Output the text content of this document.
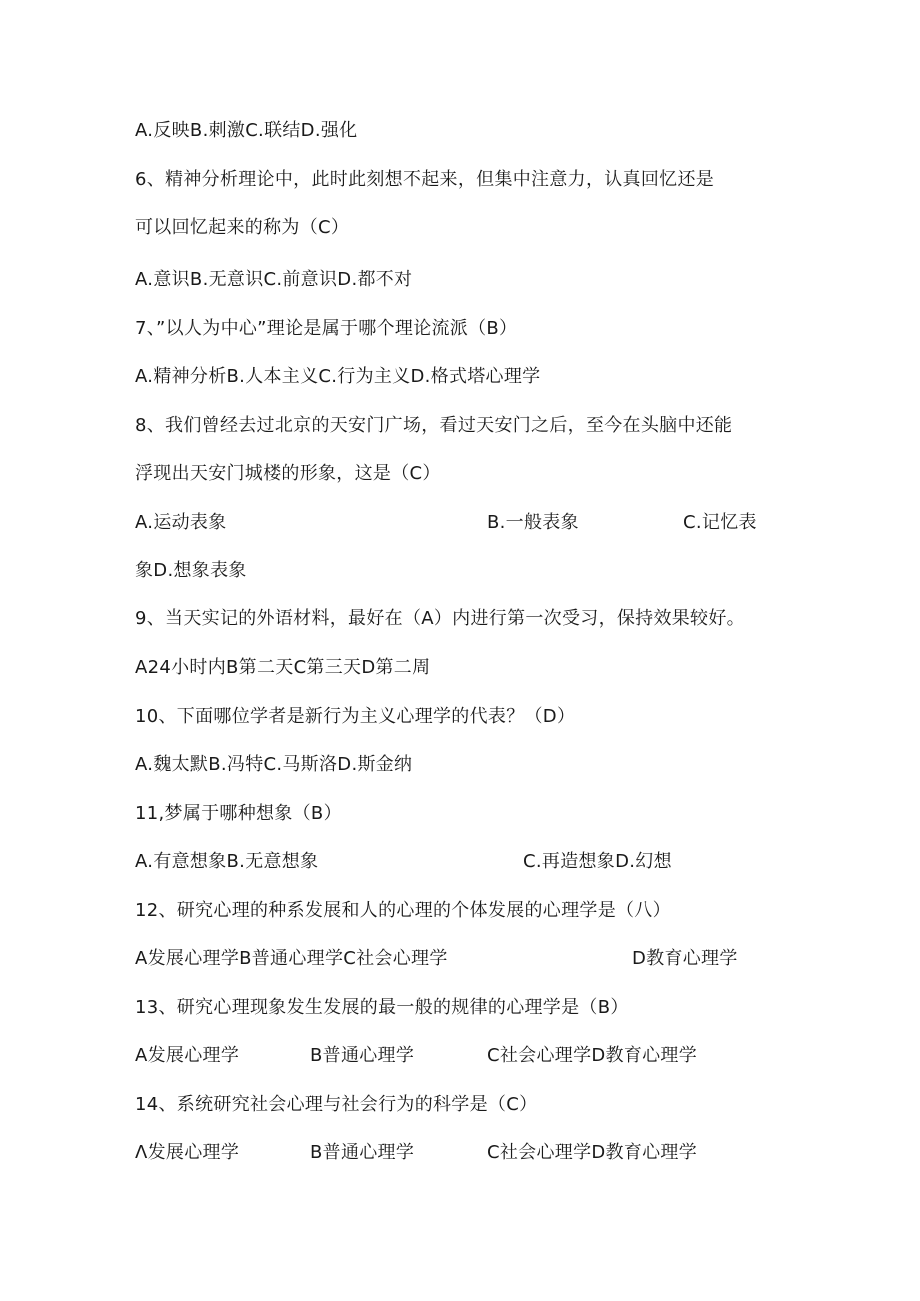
A.反映B.刺激C.联结D.强化
6、精神分析理论中，此时此刻想不起来，但集中注意力，认真回忆还是
可以回忆起来的称为（C）
A.意识B.无意识C.前意识D.都不对
7、”以人为中心”理论是属于哪个理论流派（B）
A.精神分析B.人本主义C.行为主义D.格式塔心理学
8、我们曾经去过北京的天安门广场，看过天安门之后，至今在头脑中还能
浮现出天安门城楼的形象，这是（C）
A.运动表象	B.一般表象	C.记忆表
象D.想象表象
9、当天实记的外语材料，最好在（A）内进行第一次受习，保持效果较好。
A24小时内B第二天C第三天D第二周
10、下面哪位学者是新行为主义心理学的代表？（D）
A.魏太默B.冯特C.马斯洛D.斯金纳
11,梦属于哪种想象（B）
A.有意想象B.无意想象	C.再造想象D.幻想
12、研究心理的种系发展和人的心理的个体发展的心理学是（八）
A发展心理学B普通心理学C社会心理学	D教育心理学
13、研究心理现象发生发展的最一般的规律的心理学是（B）
A发展心理学	B普通心理学	C社会心理学D教育心理学
14、系统研究社会心理与社会行为的科学是（C）
Λ发展心理学	B普通心理学	C社会心理学D教育心理学
